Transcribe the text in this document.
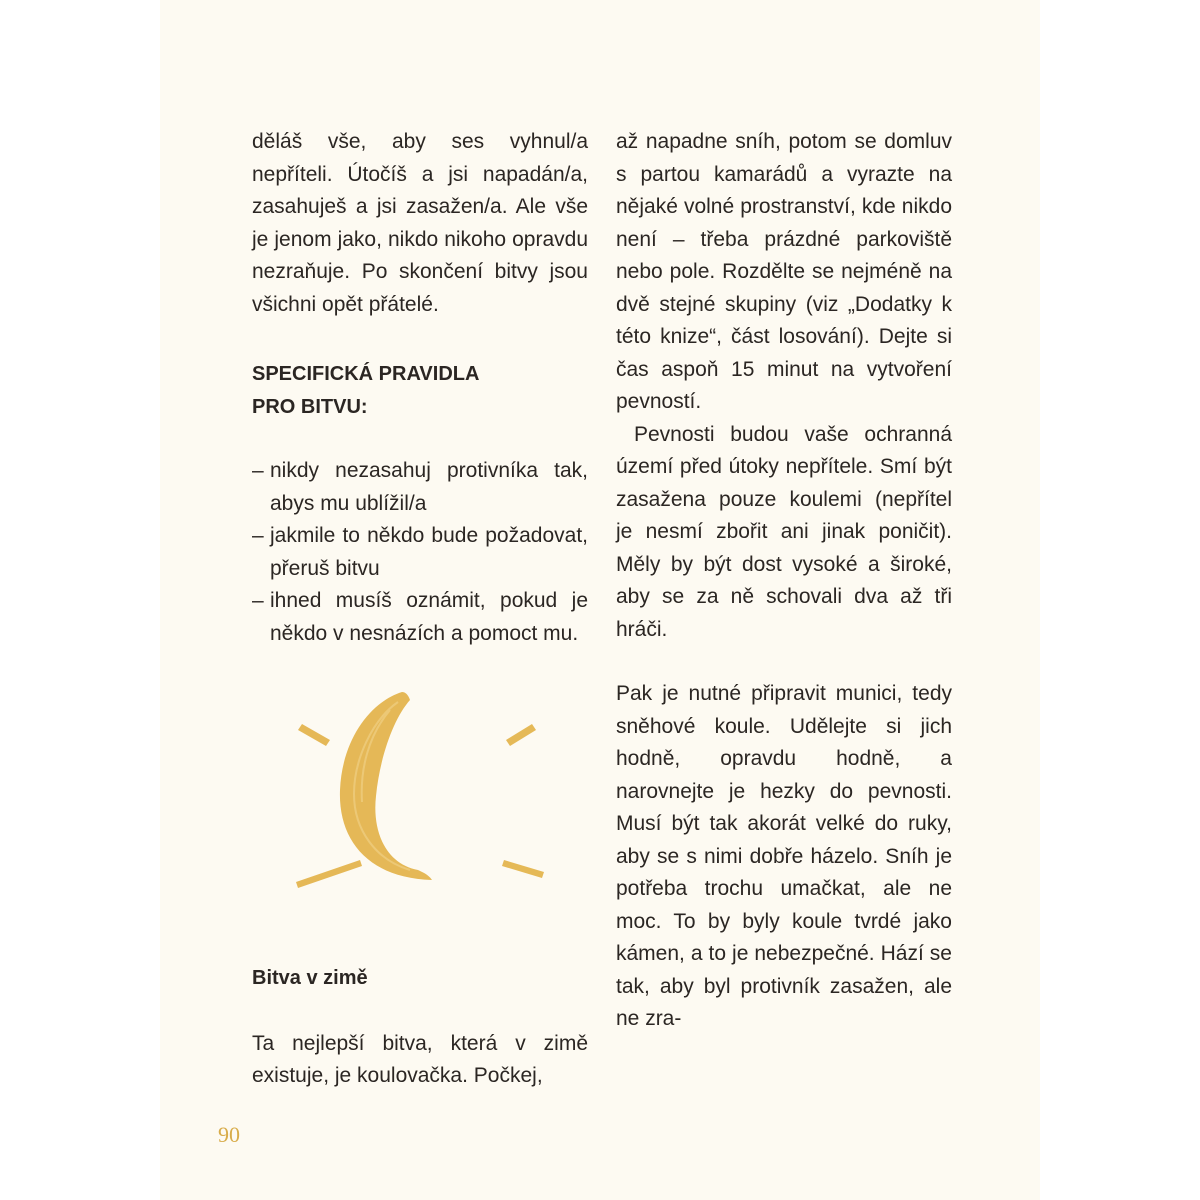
děláš vše, aby ses vyhnul/a nepříteli. Útočíš a jsi napadán/a, zasahuješ a jsi zasažen/a. Ale vše je jenom jako, nikdo nikoho opravdu nezraňuje. Po skončení bitvy jsou všichni opět přátelé.

SPECIFICKÁ PRAVIDLA
PRO BITVU:
– nikdy nezasahuj protivníka tak, abys mu ublížil/a
– jakmile to někdo bude požadovat, přeruš bitvu
– ihned musíš oznámit, pokud je někdo v nesnázích a pomoct mu.
Bitva v zimě

Ta nejlepší bitva, která v zimě existuje, je koulovačka. Počkej,

až napadne sníh, potom se domluv s partou kamarádů a vyrazte na nějaké volné prostranství, kde nikdo není – třeba prázdné parkoviště nebo pole. Rozdělte se nejméně na dvě stejné skupiny (viz „Dodatky k této knize“, část losování). Dejte si čas aspoň 15 minut na vytvoření pevností.

Pevnosti budou vaše ochranná území před útoky nepřítele. Smí být zasažena pouze koulemi (nepřítel je nesmí zbořit ani jinak poničit). Měly by být dost vysoké a široké, aby se za ně schovali dva až tři hráči.

Pak je nutné připravit munici, tedy sněhové koule. Udělejte si jich hodně, opravdu hodně, a narovnejte je hezky do pevnosti. Musí být tak akorát velké do ruky, aby se s nimi dobře házelo. Sníh je potřeba trochu umačkat, ale ne moc. To by byly koule tvrdé jako kámen, a to je nebezpečné. Hází se tak, aby byl protivník zasažen, ale ne zra-

90
